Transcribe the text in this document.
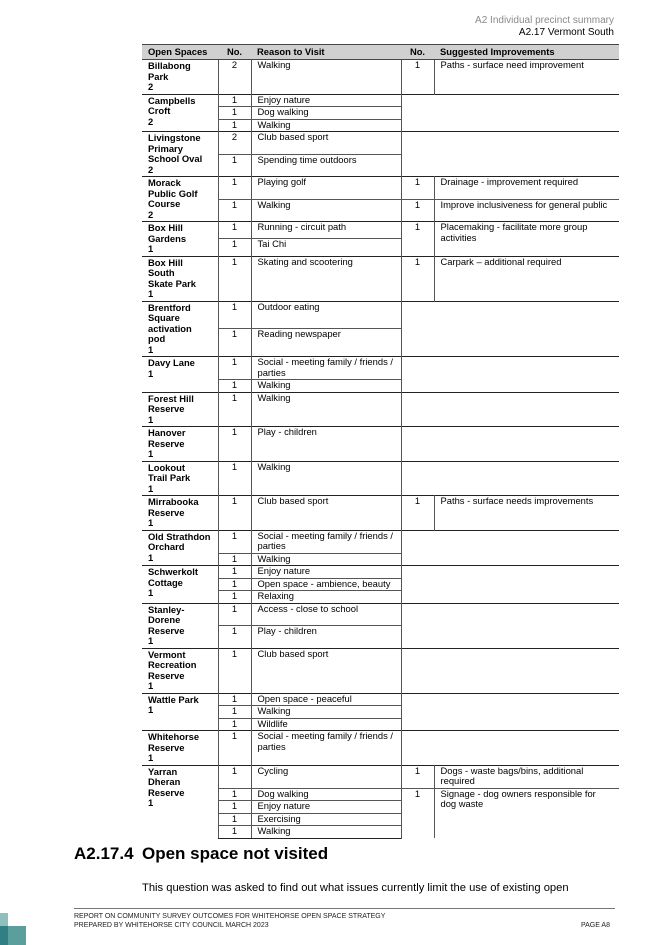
A2 Individual precinct summary
A2.17 Vermont South
Open Spaces	No.	Reason to Visit	No.	Suggested Improvements

Billabong Park
2	2	Walking	1	Paths - surface need improvement

Campbells
Croft
2	1	Enjoy nature		
	1	Dog walking		
	1	Walking		

Livingstone
Primary
School Oval
2	2	Club based sport		
	1	Spending time outdoors		

Morack
Public Golf
Course
2	1	Playing golf	1	Drainage - improvement required
	1	Walking	1	Improve inclusiveness for general public

Box Hill
Gardens
1	1	Running - circuit path	1	Placemaking - facilitate more group activities
	1	Tai Chi		

Box Hill South
Skate Park
1	1	Skating and scootering	1	Carpark – additional required

Brentford
Square
activation pod
1	1	Outdoor eating		
	1	Reading newspaper		

Davy Lane
1	1	Social - meeting family / friends / parties		
	1	Walking		

Forest Hill
Reserve
1	1	Walking		

Hanover
Reserve
1	1	Play - children		

Lookout
Trail Park
1	1	Walking		

Mirrabooka
Reserve
1	1	Club based sport	1	Paths - surface needs improvements

Old Strathdon
Orchard
1	1	Social - meeting family / friends / parties		
	1	Walking		

Schwerkolt
Cottage
1	1	Enjoy nature		
	1	Open space - ambience, beauty		
	1	Relaxing		

Stanley-Dorene
Reserve
1	1	Access - close to school		
	1	Play - children		

Vermont
Recreation
Reserve
1	1	Club based sport		

Wattle Park
1	1	Open space - peaceful		
	1	Walking		
	1	Wildlife		

Whitehorse
Reserve
1	1	Social - meeting family / friends / parties		

Yarran Dheran
Reserve
1	1	Cycling	1	Dogs - waste bags/bins, additional required
	1	Dog walking	1	Signage - dog owners responsible for dog waste
	1	Enjoy nature		
	1	Exercising		
	1	Walking		
A2.17.4 Open space not visited
This question was asked to find out what issues currently limit the use of existing open
REPORT ON COMMUNITY SURVEY OUTCOMES FOR WHITEHORSE OPEN SPACE STRATEGY
PREPARED BY WHITEHORSE CITY COUNCIL MARCH 2023	PAGE A8
